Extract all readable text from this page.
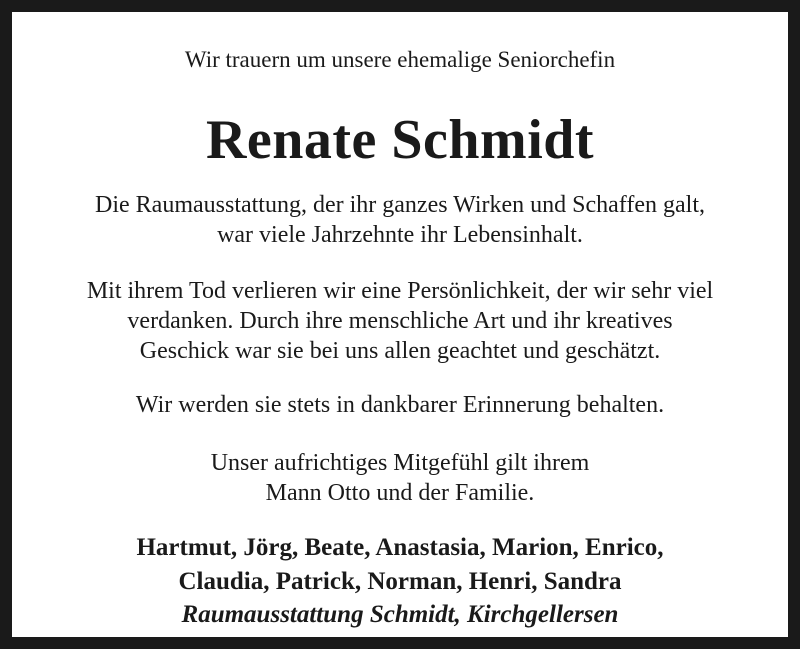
Wir trauern um unsere ehemalige Seniorchefin
Renate Schmidt
Die Raumausstattung, der ihr ganzes Wirken und Schaffen galt,
war viele Jahrzehnte ihr Lebensinhalt.
Mit ihrem Tod verlieren wir eine Persönlichkeit, der wir sehr viel
verdanken. Durch ihre menschliche Art und ihr kreatives
Geschick war sie bei uns allen geachtet und geschätzt.
Wir werden sie stets in dankbarer Erinnerung behalten.
Unser aufrichtiges Mitgefühl gilt ihrem
Mann Otto und der Familie.
Hartmut, Jörg, Beate, Anastasia, Marion, Enrico,
Claudia, Patrick, Norman, Henri, Sandra
Raumausstattung Schmidt, Kirchgellersen
